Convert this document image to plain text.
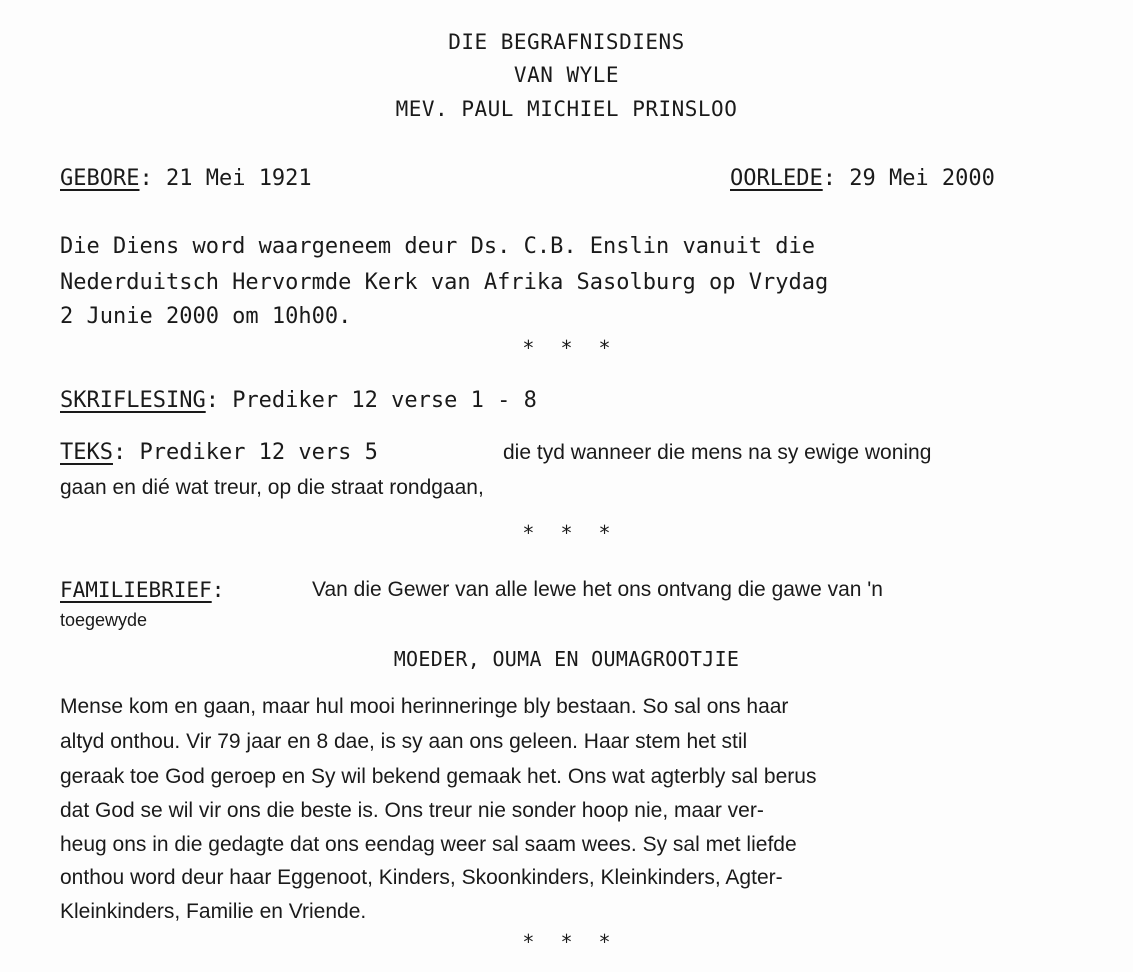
DIE BEGRAFNISDIENS
VAN WYLE
MEV. PAUL MICHIEL PRINSLOO
GEBORE: 21 Mei 1921	OORLEDE: 29 Mei 2000
Die Diens word waargeneem deur Ds. C.B. Enslin vanuit die
Nederduitsch Hervormde Kerk van Afrika Sasolburg op Vrydag
2 Junie 2000 om 10h00.
* * *
SKRIFLESING: Prediker 12 verse 1 - 8
TEKS: Prediker 12 vers 5	die tyd wanneer die mens na sy ewige woning
gaan en dié wat treur, op die straat rondgaan,
* * *
FAMILIEBRIEF:	Van die Gewer van alle lewe het ons ontvang die gawe van 'n
toegewyde
MOEDER, OUMA EN OUMAGROOTJIE
Mense kom en gaan, maar hul mooi herinneringe bly bestaan. So sal ons haar
altyd onthou. Vir 79 jaar en 8 dae, is sy aan ons geleen. Haar stem het stil
geraak toe God geroep en Sy wil bekend gemaak het. Ons wat agterbly sal berus
dat God se wil vir ons die beste is. Ons treur nie sonder hoop nie, maar ver-
heug ons in die gedagte dat ons eendag weer sal saam wees. Sy sal met liefde
onthou word deur haar Eggenoot, Kinders, Skoonkinders, Kleinkinders, Agter-
Kleinkinders, Familie en Vriende.
* * *
